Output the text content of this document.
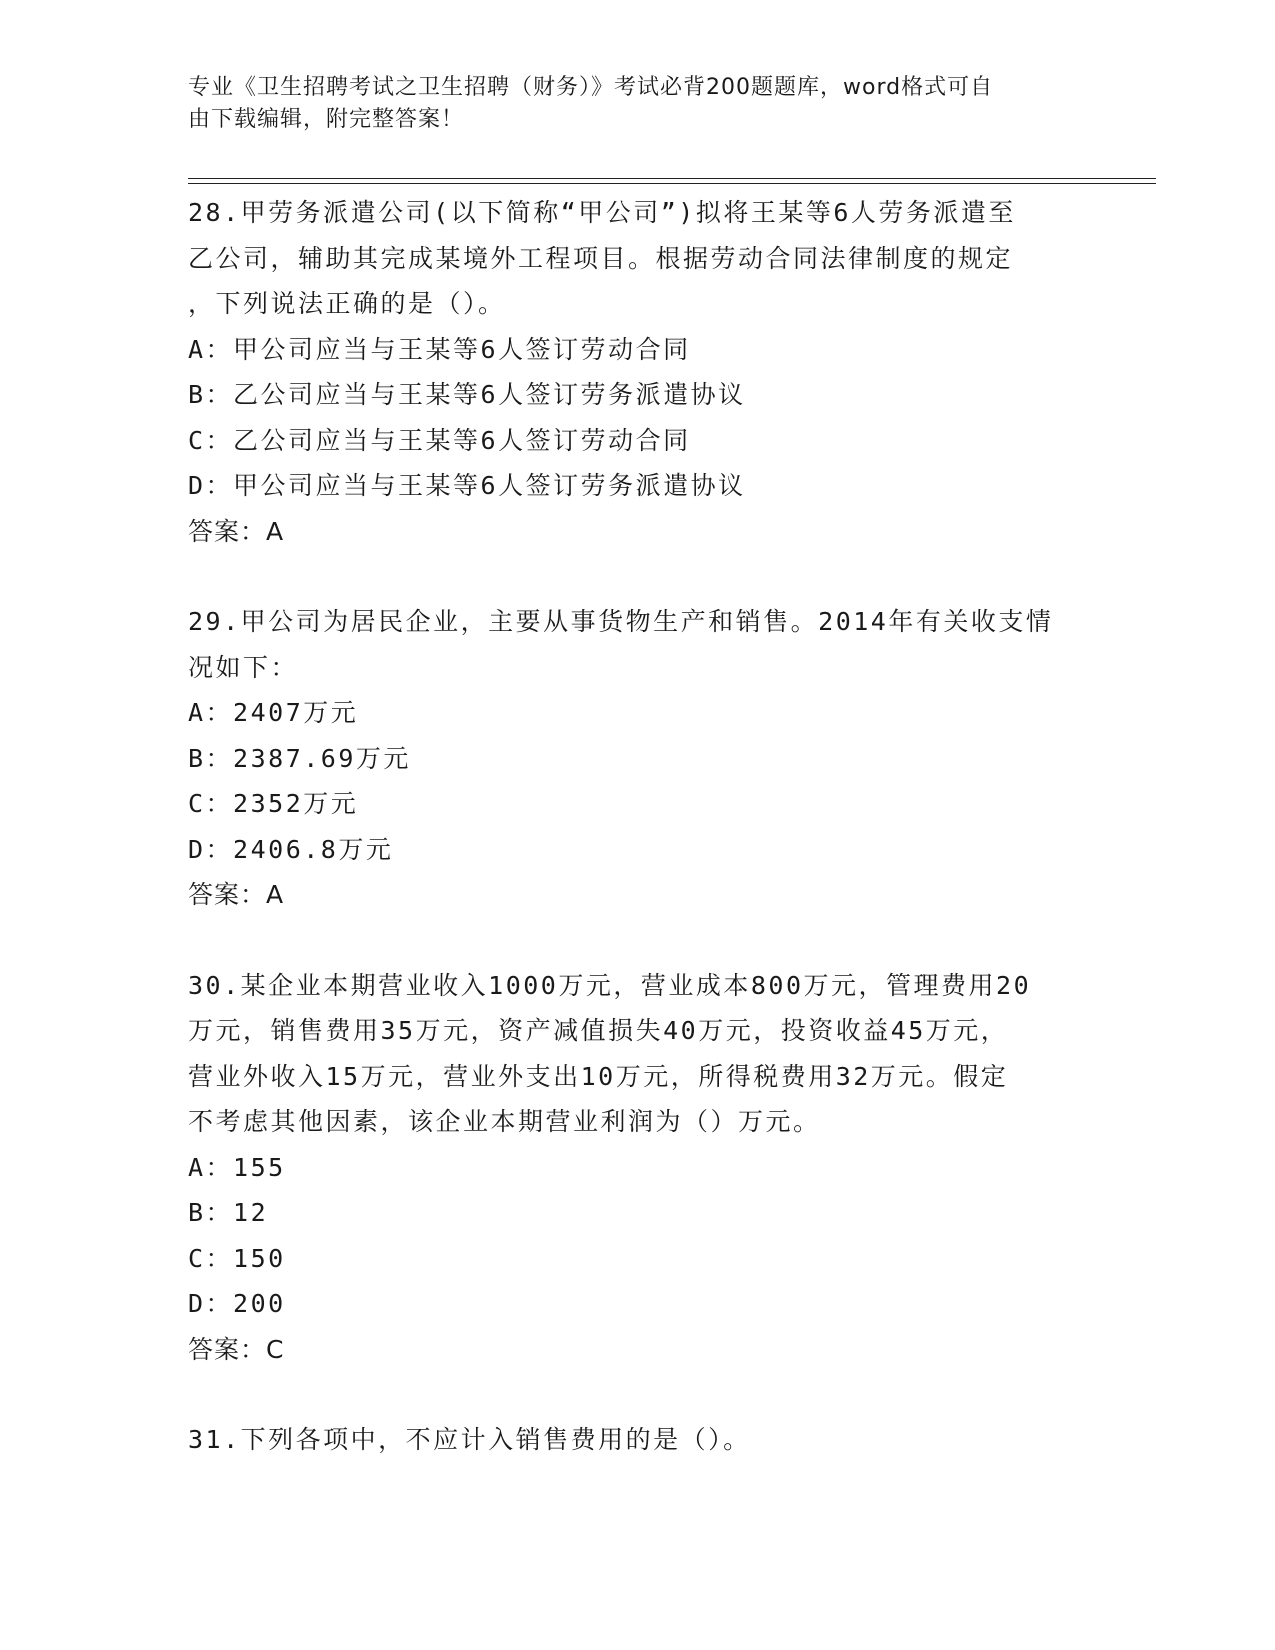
专业《卫生招聘考试之卫生招聘（财务）》考试必背200题题库，word格式可自
由下载编辑，附完整答案！
28.甲劳务派遣公司(以下简称“甲公司”)拟将王某等6人劳务派遣至
乙公司，辅助其完成某境外工程项目。根据劳动合同法律制度的规定
，下列说法正确的是（）。
A：甲公司应当与王某等6人签订劳动合同
B：乙公司应当与王某等6人签订劳务派遣协议
C：乙公司应当与王某等6人签订劳动合同
D：甲公司应当与王某等6人签订劳务派遣协议
答案：A
29.甲公司为居民企业，主要从事货物生产和销售。2014年有关收支情
况如下：
A：2407万元
B：2387.69万元
C：2352万元
D：2406.8万元
答案：A
30.某企业本期营业收入1000万元，营业成本800万元，管理费用20
万元，销售费用35万元，资产减值损失40万元，投资收益45万元，
营业外收入15万元，营业外支出10万元，所得税费用32万元。假定
不考虑其他因素，该企业本期营业利润为（）万元。
A：155
B：12
C：150
D：200
答案：C
31.下列各项中，不应计入销售费用的是（）。
